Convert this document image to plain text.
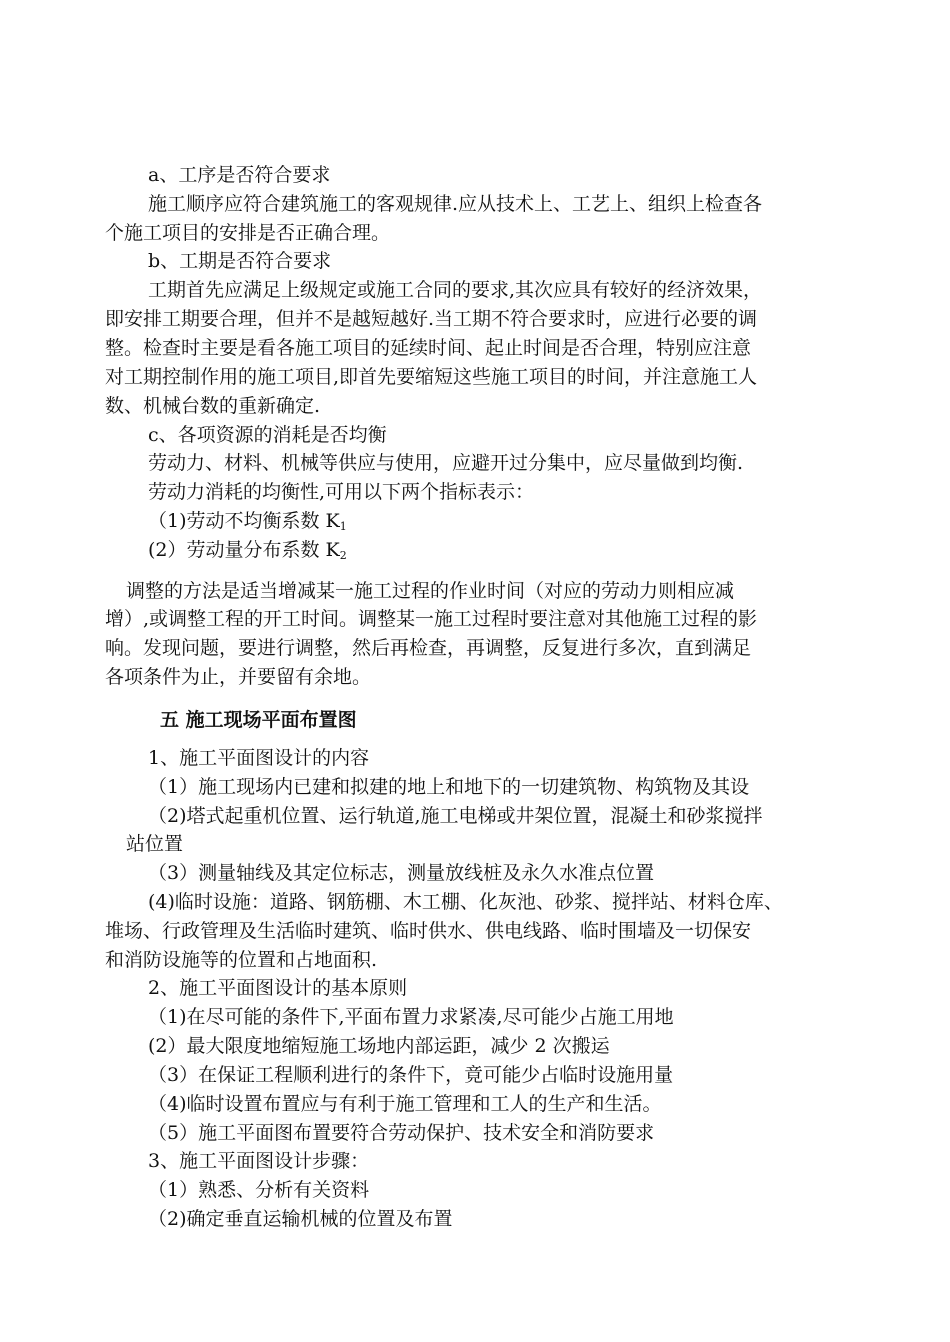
a、工序是否符合要求
施工顺序应符合建筑施工的客观规律.应从技术上、工艺上、组织上检查各
个施工项目的安排是否正确合理。
b、工期是否符合要求
工期首先应满足上级规定或施工合同的要求,其次应具有较好的经济效果，
即安排工期要合理，但并不是越短越好.当工期不符合要求时，应进行必要的调
整。检查时主要是看各施工项目的延续时间、起止时间是否合理，特别应注意
对工期控制作用的施工项目,即首先要缩短这些施工项目的时间，并注意施工人
数、机械台数的重新确定.
c、各项资源的消耗是否均衡
劳动力、材料、机械等供应与使用，应避开过分集中，应尽量做到均衡.
劳动力消耗的均衡性,可用以下两个指标表示：
（1)劳动不均衡系数 $K_1$
(2）劳动量分布系数 $K_2$
调整的方法是适当增减某一施工过程的作业时间（对应的劳动力则相应减
增）,或调整工程的开工时间。调整某一施工过程时要注意对其他施工过程的影
响。发现问题，要进行调整，然后再检查，再调整，反复进行多次，直到满足
各项条件为止，并要留有余地。
五 施工现场平面布置图
1、施工平面图设计的内容
（1）施工现场内已建和拟建的地上和地下的一切建筑物、构筑物及其设
（2)塔式起重机位置、运行轨道,施工电梯或井架位置，混凝土和砂浆搅拌
站位置
（3）测量轴线及其定位标志，测量放线桩及永久水准点位置
(4)临时设施：道路、钢筋棚、木工棚、化灰池、砂浆、搅拌站、材料仓库、
堆场、行政管理及生活临时建筑、临时供水、供电线路、临时围墙及一切保安
和消防设施等的位置和占地面积.
2、施工平面图设计的基本原则
（1)在尽可能的条件下,平面布置力求紧凑,尽可能少占施工用地
(2）最大限度地缩短施工场地内部运距，减少 2 次搬运
（3）在保证工程顺利进行的条件下，竟可能少占临时设施用量
（4)临时设置布置应与有利于施工管理和工人的生产和生活。
（5）施工平面图布置要符合劳动保护、技术安全和消防要求
3、施工平面图设计步骤：
（1）熟悉、分析有关资料
（2)确定垂直运输机械的位置及布置
